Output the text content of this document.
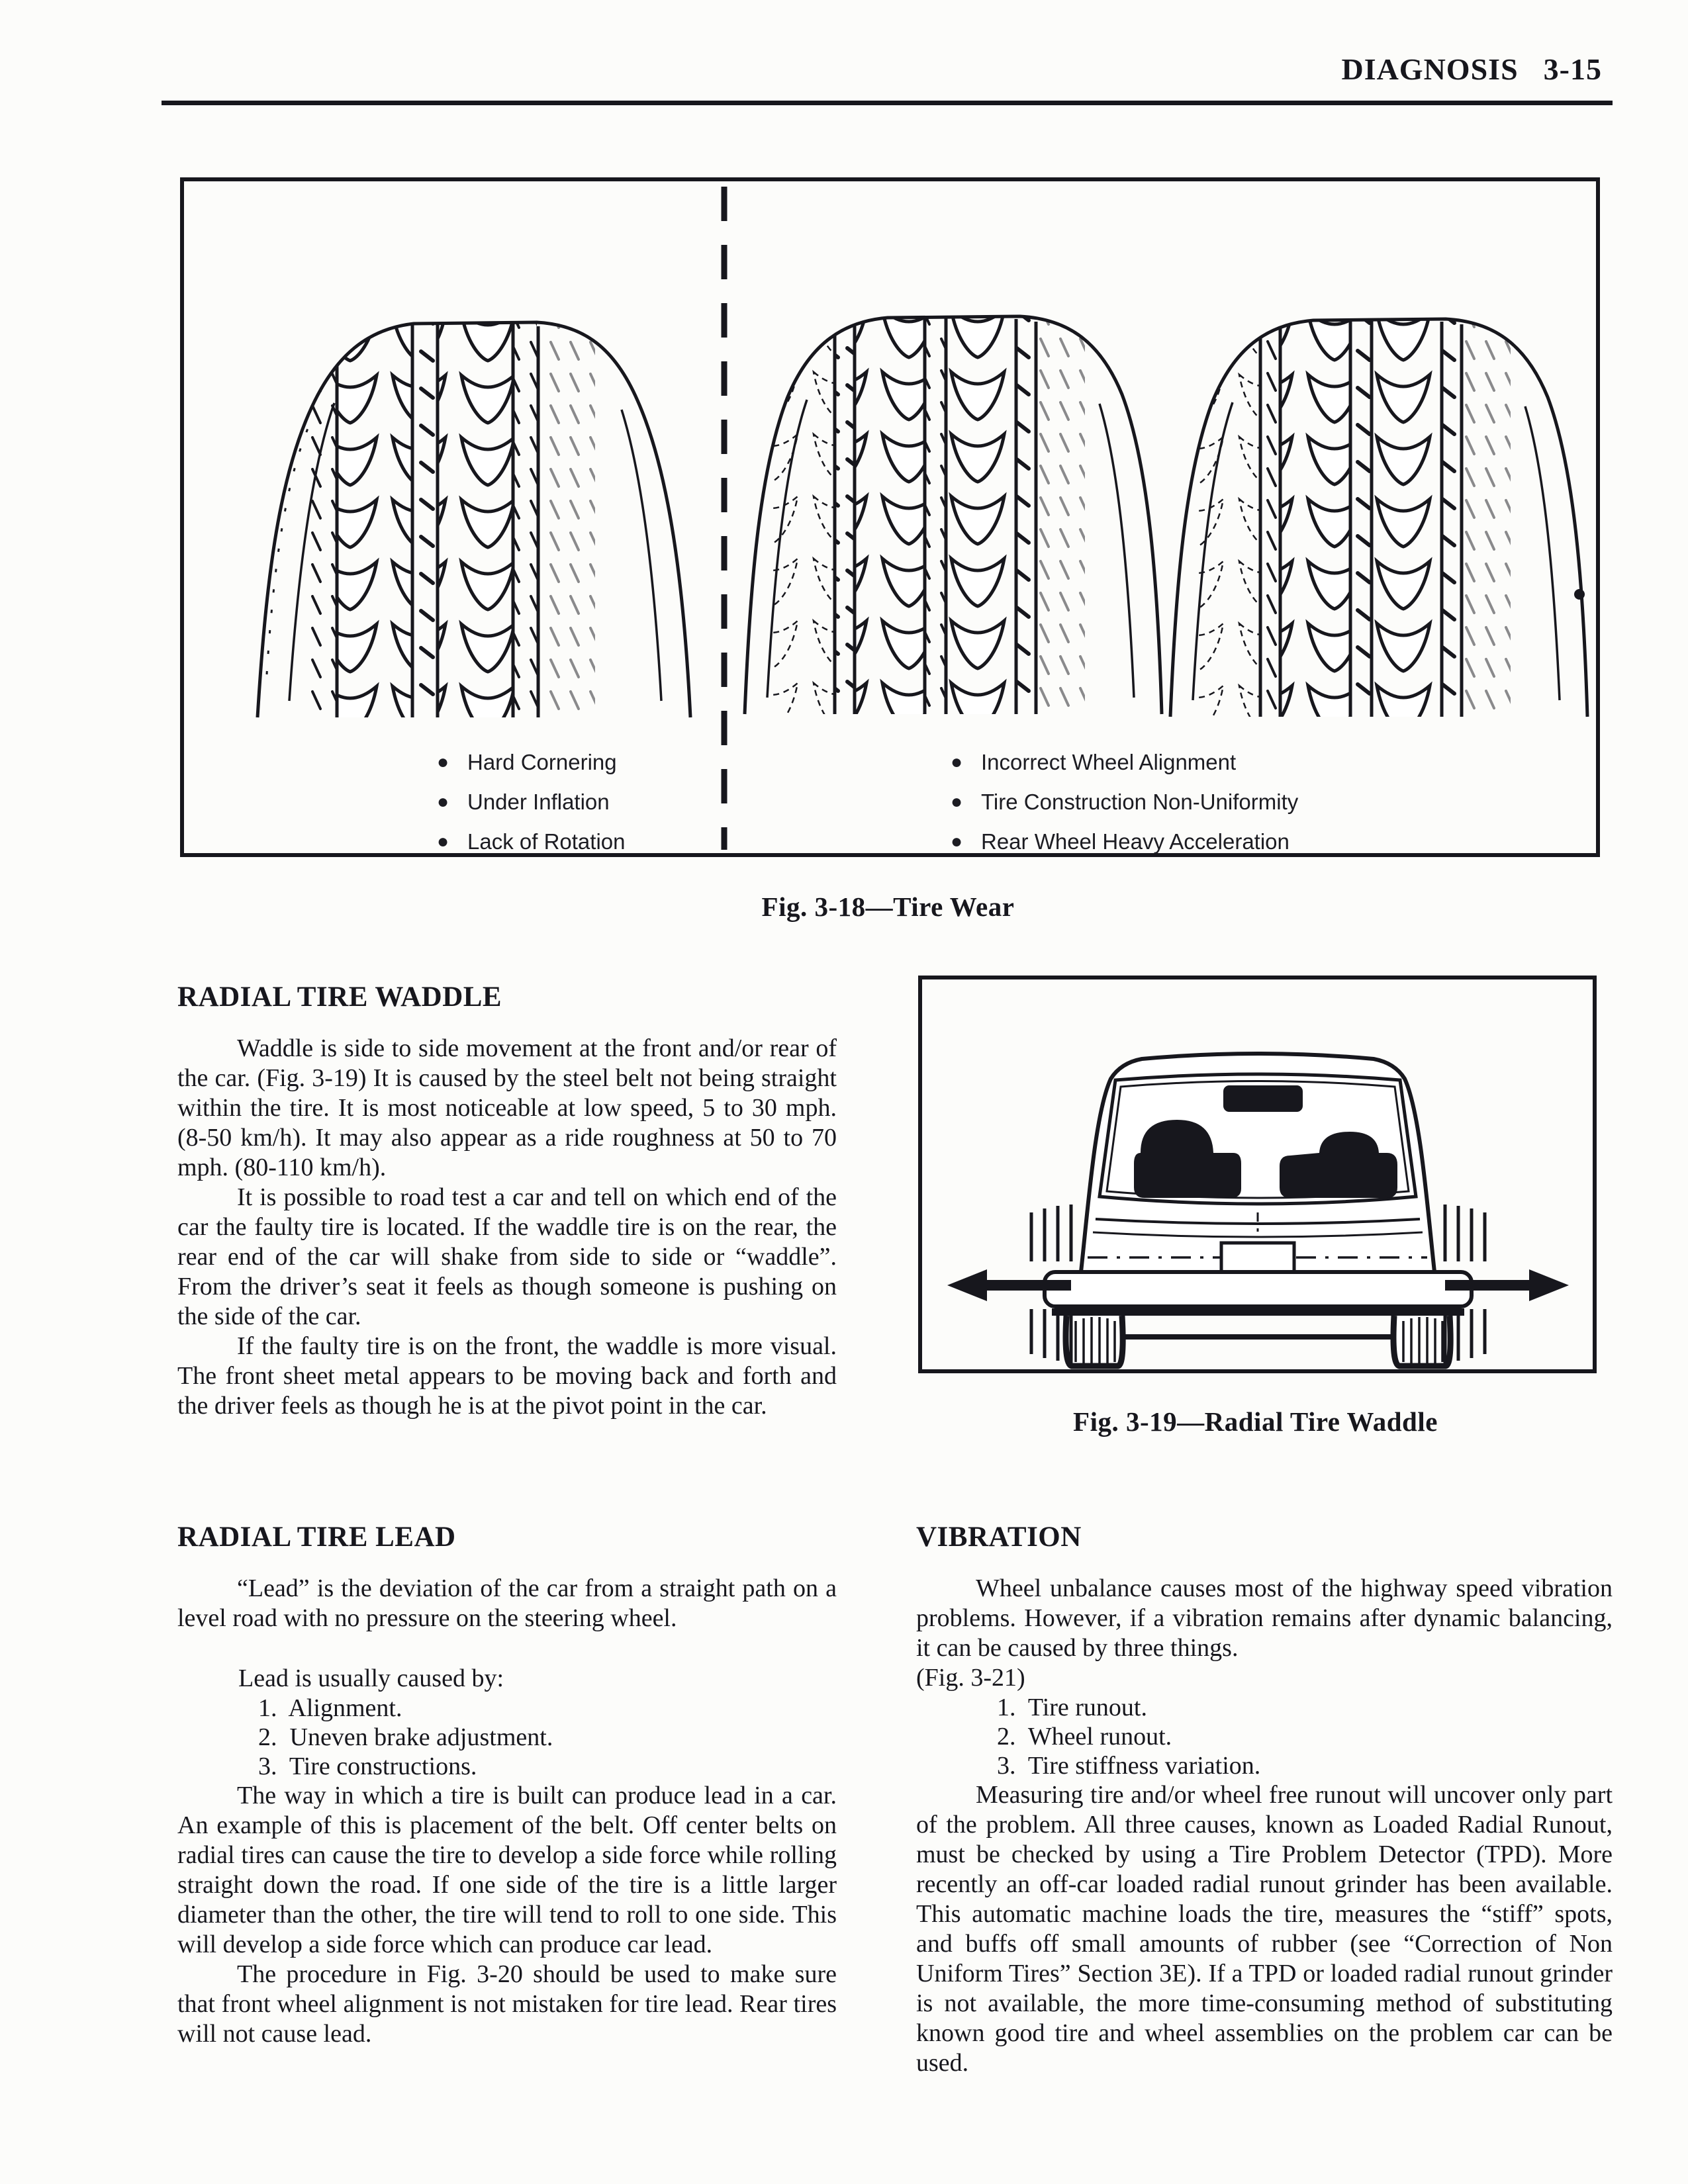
DIAGNOSIS 3-15
●
Hard Cornering
●
Under Inflation
●
Lack of Rotation
●
Incorrect Wheel Alignment
●
Tire Construction Non-Uniformity
●
Rear Wheel Heavy Acceleration
Fig. 3-18—Tire Wear
RADIAL TIRE WADDLE

Waddle is side to side movement at the front and/or rear of the car. (Fig. 3-19) It is caused by the steel belt not being straight within the tire. It is most noticeable at low speed, 5 to 30 mph. (8-50 km/h). It may also appear as a ride roughness at 50 to 70 mph. (80-110 km/h).

It is possible to road test a car and tell on which end of the car the faulty tire is located. If the waddle tire is on the rear, the rear end of the car will shake from side to side or “waddle”. From the driver’s seat it feels as though someone is pushing on the side of the car.

If the faulty tire is on the front, the waddle is more visual. The front sheet metal appears to be moving back and forth and the driver feels as though he is at the pivot point in the car.

Fig. 3-19—Radial Tire Waddle
RADIAL TIRE LEAD

“Lead” is the deviation of the car from a straight path on a level road with no pressure on the steering wheel.

Lead is usually caused by:
1.  Alignment.
2.  Uneven brake adjustment.
3.  Tire constructions.

The way in which a tire is built can produce lead in a car. An example of this is placement of the belt. Off center belts on radial tires can cause the tire to develop a side force while rolling straight down the road. If one side of the tire is a little larger diameter than the other, the tire will tend to roll to one side. This will develop a side force which can produce car lead.

The procedure in Fig. 3-20 should be used to make sure that front wheel alignment is not mistaken for tire lead. Rear tires will not cause lead.

VIBRATION

Wheel unbalance causes most of the highway speed vibration problems. However, if a vibration remains after dynamic balancing, it can be caused by three things.

(Fig. 3-21)
1.  Tire runout.
2.  Wheel runout.
3.  Tire stiffness variation.

Measuring tire and/or wheel free runout will uncover only part of the problem. All three causes, known as Loaded Radial Runout, must be checked by using a Tire Problem Detector (TPD). More recently an off-car loaded radial runout grinder has been available. This automatic machine loads the tire, measures the “stiff” spots, and buffs off small amounts of rubber (see “Correction of Non Uniform Tires” Section 3E). If a TPD or loaded radial runout grinder is not available, the more time-consuming method of substituting known good tire and wheel assemblies on the problem car can be used.
